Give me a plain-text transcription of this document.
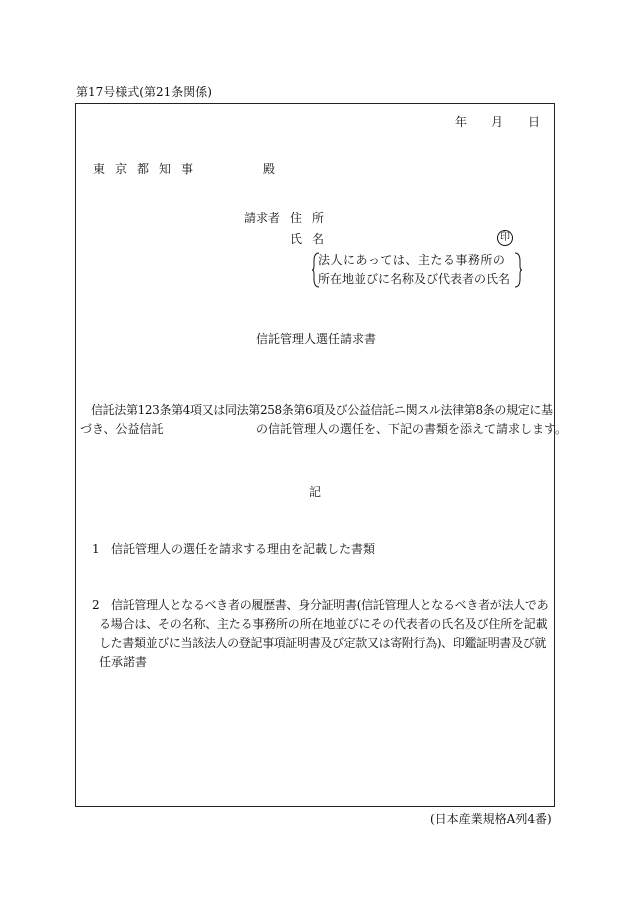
第17号様式(第21条関係)
年 月 日
東京都知事	殿
請求者 住所
氏名	印
法人にあっては、主たる事務所の
所在地並びに名称及び代表者の氏名
信託管理人選任請求書
信託法第123条第4項又は同法第258条第6項及び公益信託ニ関スル法律第8条の規定に基
づき、公益信託	の信託管理人の選任を、下記の書類を添えて請求します。
記
1 信託管理人の選任を請求する理由を記載した書類
2 信託管理人となるべき者の履歴書、身分証明書(信託管理人となるべき者が法人であ
る場合は、その名称、主たる事務所の所在地並びにその代表者の氏名及び住所を記載
した書類並びに当該法人の登記事項証明書及び定款又は寄附行為)、印鑑証明書及び就
任承諾書
(日本産業規格A列4番)
